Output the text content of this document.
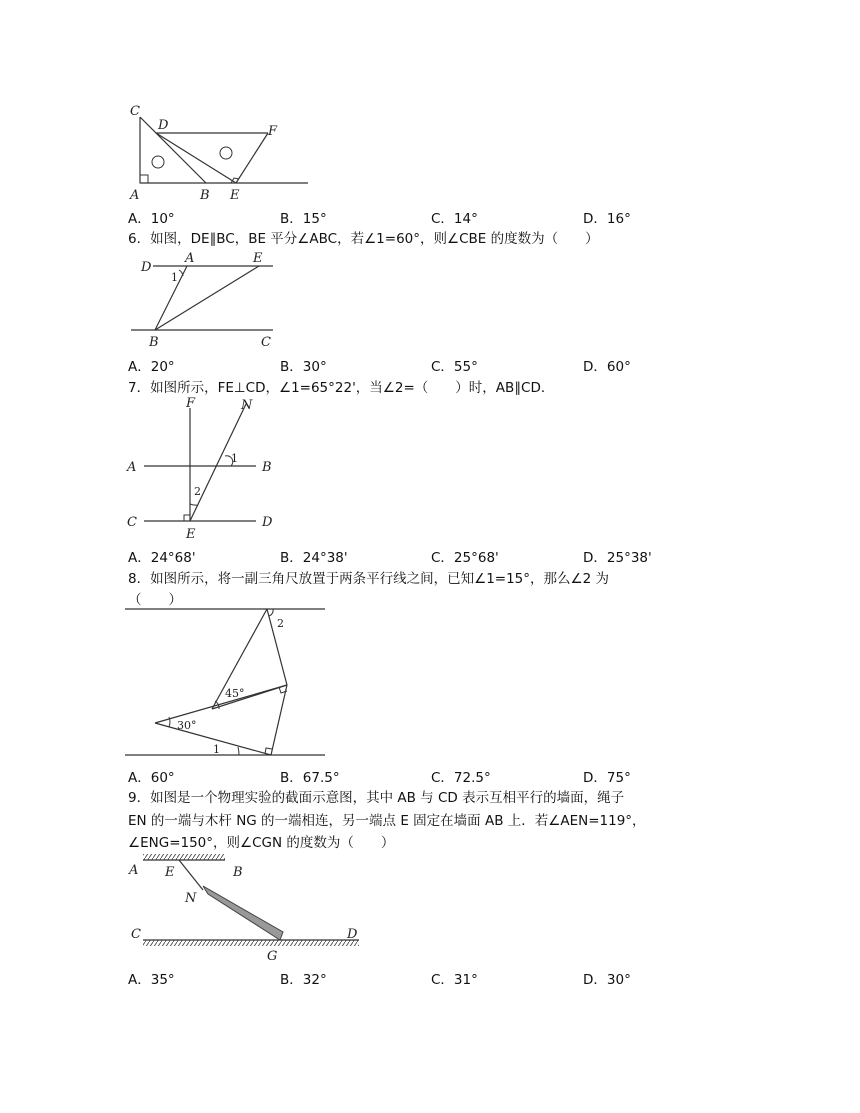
C
D	F
A	B E
A．10°	B．15°	C．14°	D．16°
6．如图，DE∥BC，BE 平分∠ABC，若∠1=60°，则∠CBE 的度数为（　　）
D
A	E
1
B	C
A．20°	B．30°	C．55°	D．60°
7．如图所示，FE⊥CD，∠1=65°22'，当∠2=（　　）时，AB∥CD．
F	N
A	B
1
2
C	D
E
A．24°68'	B．24°38'	C．25°68'	D．25°38'
8．如图所示，将一副三角尺放置于两条平行线之间，已知∠1=15°，那么∠2 为
（　　）
2
45°
30°
1
A．60°	B．67.5°	C．72.5°	D．75°
9．如图是一个物理实验的截面示意图，其中 AB 与 CD 表示互相平行的墙面，绳子
EN 的一端与木杆 NG 的一端相连，另一端点 E 固定在墙面 AB 上．若∠AEN=119°，
∠ENG=150°，则∠CGN 的度数为（　　）
A E	B
N
C	D
G
A．35°	B．32°	C．31°	D．30°
